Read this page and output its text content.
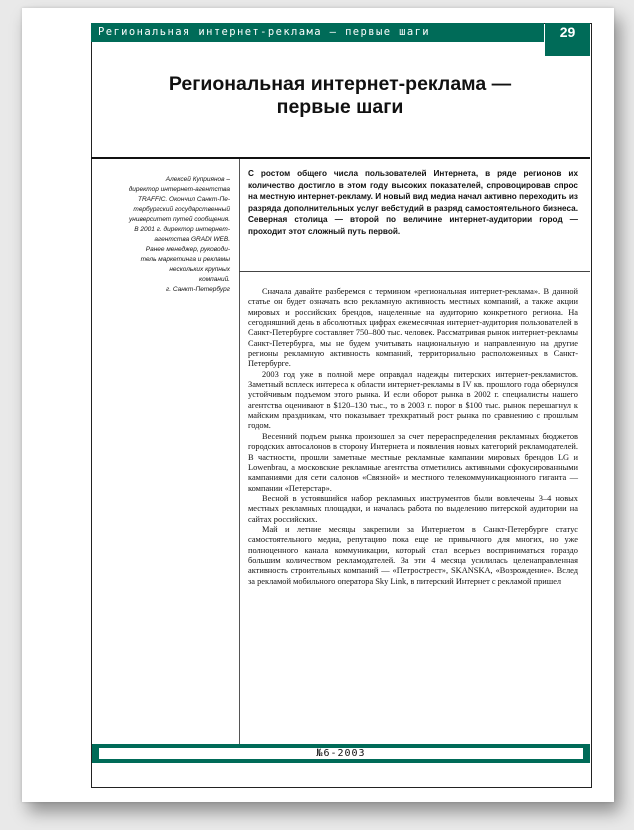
Региональная интернет-реклама — первые шаги	29
Региональная интернет-реклама —
первые шаги
Алексей Куприянов –
директор интернет-агентства
TRAFFIC. Окончил Санкт-Пе-
тербургский государственный
университет путей сообщения.
В 2001 г. директор интернет-
агентства GRADI WEB.
Ранее менеджер, руководи-
тель маркетинга и рекламы
нескольких крупных
компаний.
г. Санкт-Петербург
С ростом общего числа пользователей Интернета, в ряде регионов их количество достигло в этом году высоких показателей, спровоцировав спрос на местную интернет-рекламу. И новый вид медиа начал активно переходить из разряда дополнительных услуг вебстудий в разряд самостоятельного бизнеса. Северная столица — второй по величине интернет-аудитории город — проходит этот сложный путь первой.

Сначала давайте разберемся с термином «региональная интернет-реклама». В данной статье он будет означать всю рекламную активность местных компаний, а также акции мировых и российских брендов, нацеленные на аудиторию конкретного региона. На сегодняшний день в абсолютных цифрах ежемесячная интернет-аудитория пользователей в Санкт-Петербурге составляет 750–800 тыс. человек. Рассматривая рынок интернет-рекламы Санкт-Петербурга, мы не будем учитывать национальную и направленную на другие регионы рекламную активность компаний, территориально расположенных в Санкт-Петербурге.

2003 год уже в полной мере оправдал надежды питерских интернет-рекламистов. Заметный всплеск интереса к области интернет-рекламы в IV кв. прошлого года обернулся устойчивым подъемом этого рынка. И если оборот рынка в 2002 г. специалисты нашего агентства оценивают в $120–130 тыс., то в 2003 г. порог в $100 тыс. рынок перешагнул к майским праздникам, что показывает трехкратный рост рынка по сравнению с прошлым годом.

Весенний подъем рынка произошел за счет перераспределения рекламных бюджетов городских автосалонов в сторону Интернета и появления новых категорий рекламодателей. В частности, прошли заметные местные рекламные кампании мировых брендов LG и Lowenbrau, а московские рекламные агентства отметились активными сфокусированными кампаниями для сети салонов «Связной» и местного телекоммуникационного гиганта — компании «Петерстар».

Весной в устоявшийся набор рекламных инструментов были вовлечены 3–4 новых местных рекламных площадки, и началась работа по выделению питерской аудитории на сайтах российских.

Май и летние месяцы закрепили за Интернетом в Санкт-Петербурге статус самостоятельного медиа, репутацию пока еще не привычного для многих, но уже полноценного канала коммуникации, который стал всерьез восприниматься гораздо большим количеством рекламодателей. За эти 4 месяца усилилась целенаправленная активность строительных компаний — «Петрострест», SKANSKA, «Возрождение». Вслед за рекламой мобильного оператора Sky Link, в питерский Интернет с рекламой пришел

№6-2003
